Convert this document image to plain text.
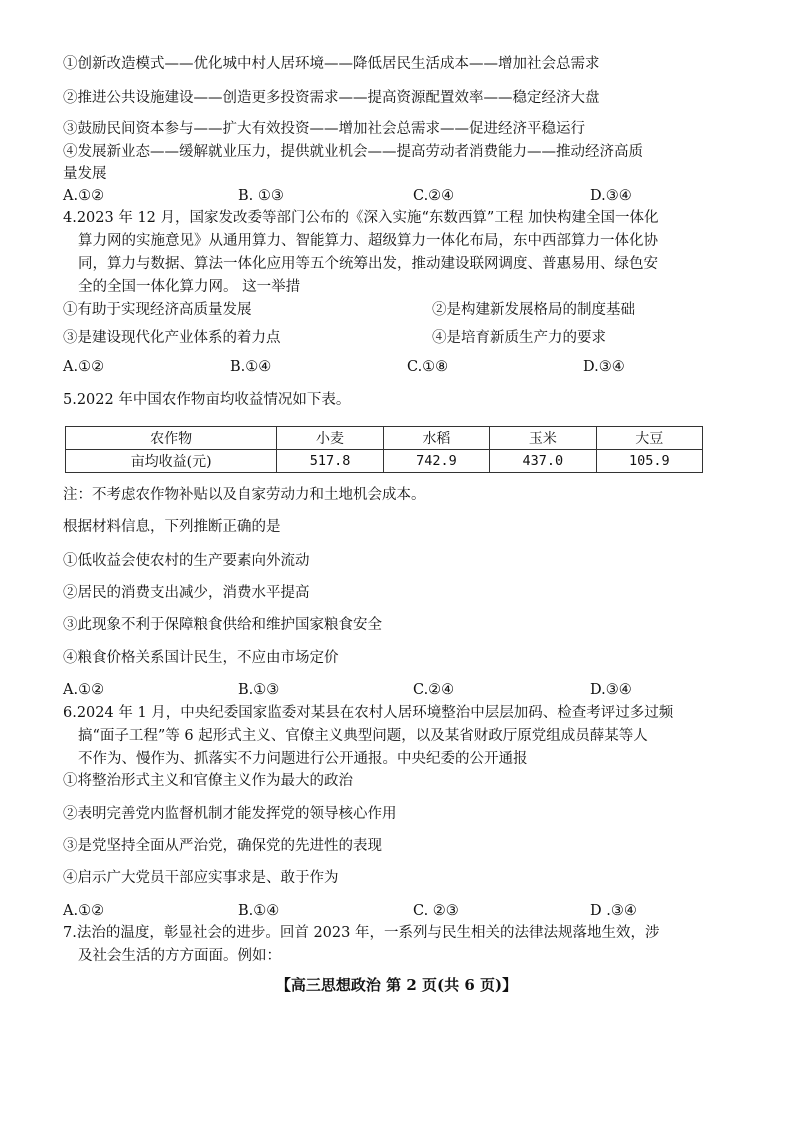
①创新改造模式——优化城中村人居环境——降低居民生活成本——增加社会总需求
②推进公共设施建设——创造更多投资需求——提高资源配置效率——稳定经济大盘
③鼓励民间资本参与——扩大有效投资——增加社会总需求——促进经济平稳运行
④发展新业态——缓解就业压力，提供就业机会——提高劳动者消费能力——推动经济高质
量发展
A.①②	B. ①③	C.②④	D.③④
4.2023 年 12 月，国家发改委等部门公布的《深入实施“东数西算”工程 加快构建全国一体化
算力网的实施意见》从通用算力、智能算力、超级算力一体化布局，东中西部算力一体化协
同，算力与数据、算法一体化应用等五个统筹出发，推动建设联网调度、普惠易用、绿色安
全的全国一体化算力网。 这一举措
①有助于实现经济高质量发展	②是构建新发展格局的制度基础
③是建设现代化产业体系的着力点	④是培育新质生产力的要求
A.①②	B.①④	C.①⑧	D.③④
5.2022 年中国农作物亩均收益情况如下表。
农作物	小麦	水稻	玉米	大豆
亩均收益(元)	517.8	742.9	437.0	105.9
注：不考虑农作物补贴以及自家劳动力和土地机会成本。
根据材料信息，下列推断正确的是
①低收益会使农村的生产要素向外流动
②居民的消费支出减少，消费水平提高
③此现象不利于保障粮食供给和维护国家粮食安全
④粮食价格关系国计民生，不应由市场定价
A.①②	B.①③	C.②④	D.③④
6.2024 年 1 月，中央纪委国家监委对某县在农村人居环境整治中层层加码、检查考评过多过频
搞“面子工程”等 6 起形式主义、官僚主义典型问题，以及某省财政厅原党组成员薛某等人
不作为、慢作为、抓落实不力问题进行公开通报。中央纪委的公开通报
①将整治形式主义和官僚主义作为最大的政治
②表明完善党内监督机制才能发挥党的领导核心作用
③是党坚持全面从严治党，确保党的先进性的表现
④启示广大党员干部应实事求是、敢于作为
A.①②	B.①④	C. ②③	D .③④
7.法治的温度，彰显社会的进步。回首 2023 年，一系列与民生相关的法律法规落地生效，涉
及社会生活的方方面面。例如：
【高三思想政治 第 2 页(共 6 页)】
